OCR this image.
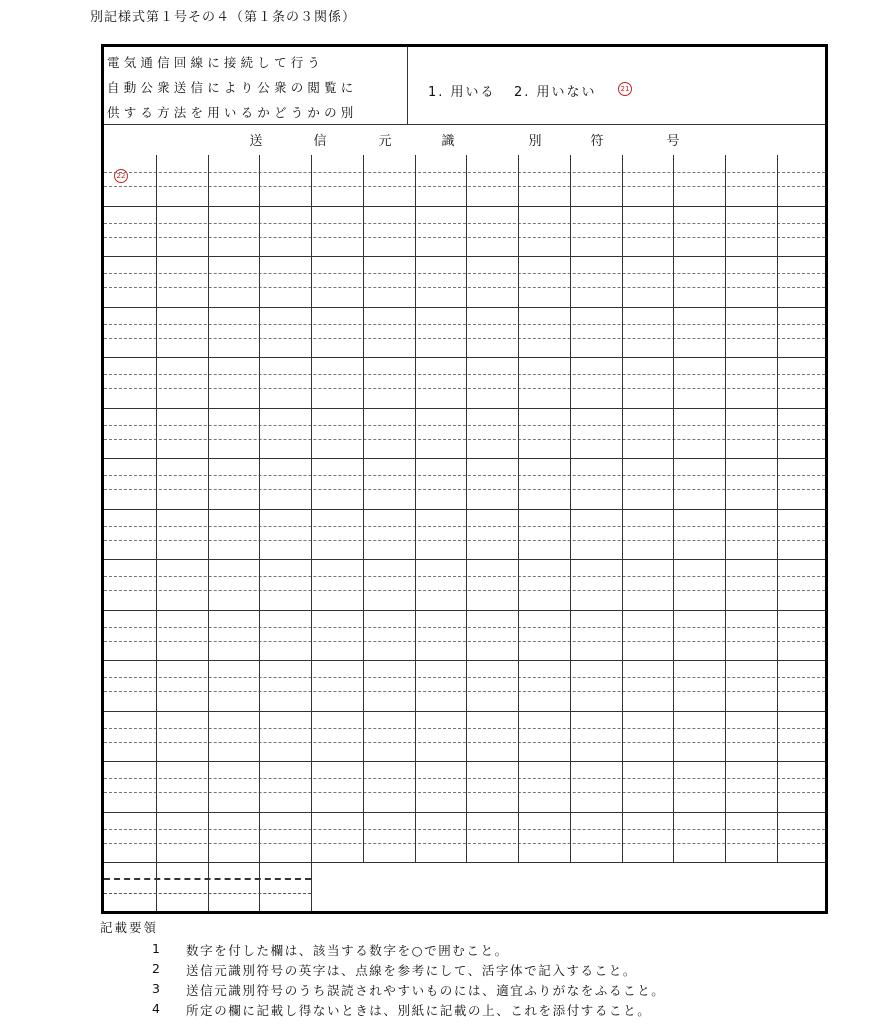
別記様式第１号その４（第１条の３関係）
電気通信回線に接続して行う
自動公衆送信により公衆の閲覧に
供する方法を用いるかどうかの別
1. 用いる 2. 用いない	21
送	信	元	識	別	符	号
22
記載要領
1 数字を付した欄は、該当する数字を○で囲むこと。
2 送信元識別符号の英字は、点線を参考にして、活字体で記入すること。
3 送信元識別符号のうち誤読されやすいものには、適宜ふりがなをふること。
4 所定の欄に記載し得ないときは、別紙に記載の上、これを添付すること。
